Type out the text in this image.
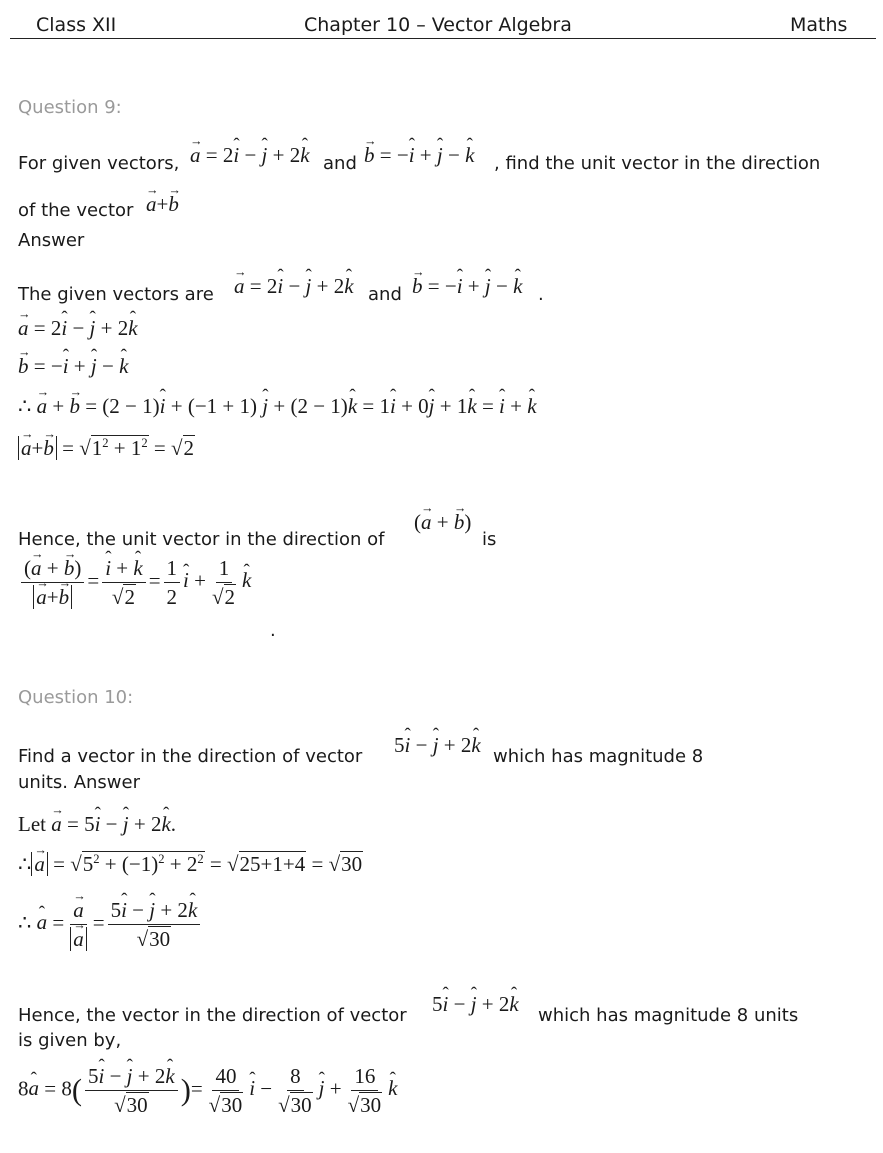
Class XII	Chapter 10 – Vector Algebra	Maths
Question 9:
For given vectors, → a = 2ˆ i − ˆ j + 2ˆ k and → b = −ˆ i + ˆ j − ˆ k , find the unit vector in the direction
of the vector → a+→ b
Answer
The given vectors are → a = 2ˆ i − ˆ j + 2ˆ k and → b = −ˆ i + ˆ j − ˆ k .
→ a = 2ˆ i − ˆ j + 2ˆ k
→ b = −ˆ i + ˆ j − ˆ k
∴ → a + → b = (2 − 1)ˆ i + (−1 + 1) ˆ j + (2 − 1)ˆ k = 1ˆ i + 0ˆ j + 1ˆ k = ˆ i + ˆ k
→ $a+\to b = √1^2 + 1^2 = √2$
Hence, the unit vector in the direction of
(→ a + → b)
is
(→ a + → b)
→ a+→ b = ˆ $\frac{\text{i + ˆ k}}{√2} = \frac{1}{2}$ ˆ $i + \frac{1}{√2}$ ˆ k
.
Question 10:
Find a vector in the direction of vector 5ˆ i − ˆ j + 2ˆ k which has magnitude 8
units. Answer
Let → a = 5ˆ i − ˆ j + 2ˆ k.
∴ → $a = √5^2 + (-1)^2 + 2^2 = √25+1+4 = √30$
∴ ˆ a = → a
→ $a = \frac{\text{5ˆ i − ˆ j + 2ˆ k}}{√30}$
Hence, the vector in the direction of vector 5ˆ i − ˆ j + 2ˆ k which has magnitude 8 units
is given by,
8ˆ $a = 8( \frac{\text{5ˆ i − ˆ j + 2ˆ k}}{√30}$ )= $\frac{40}{√30}$ ˆ $i - \frac{8}{√30}$ ˆ $j + \frac{16}{√30}$ ˆ k
